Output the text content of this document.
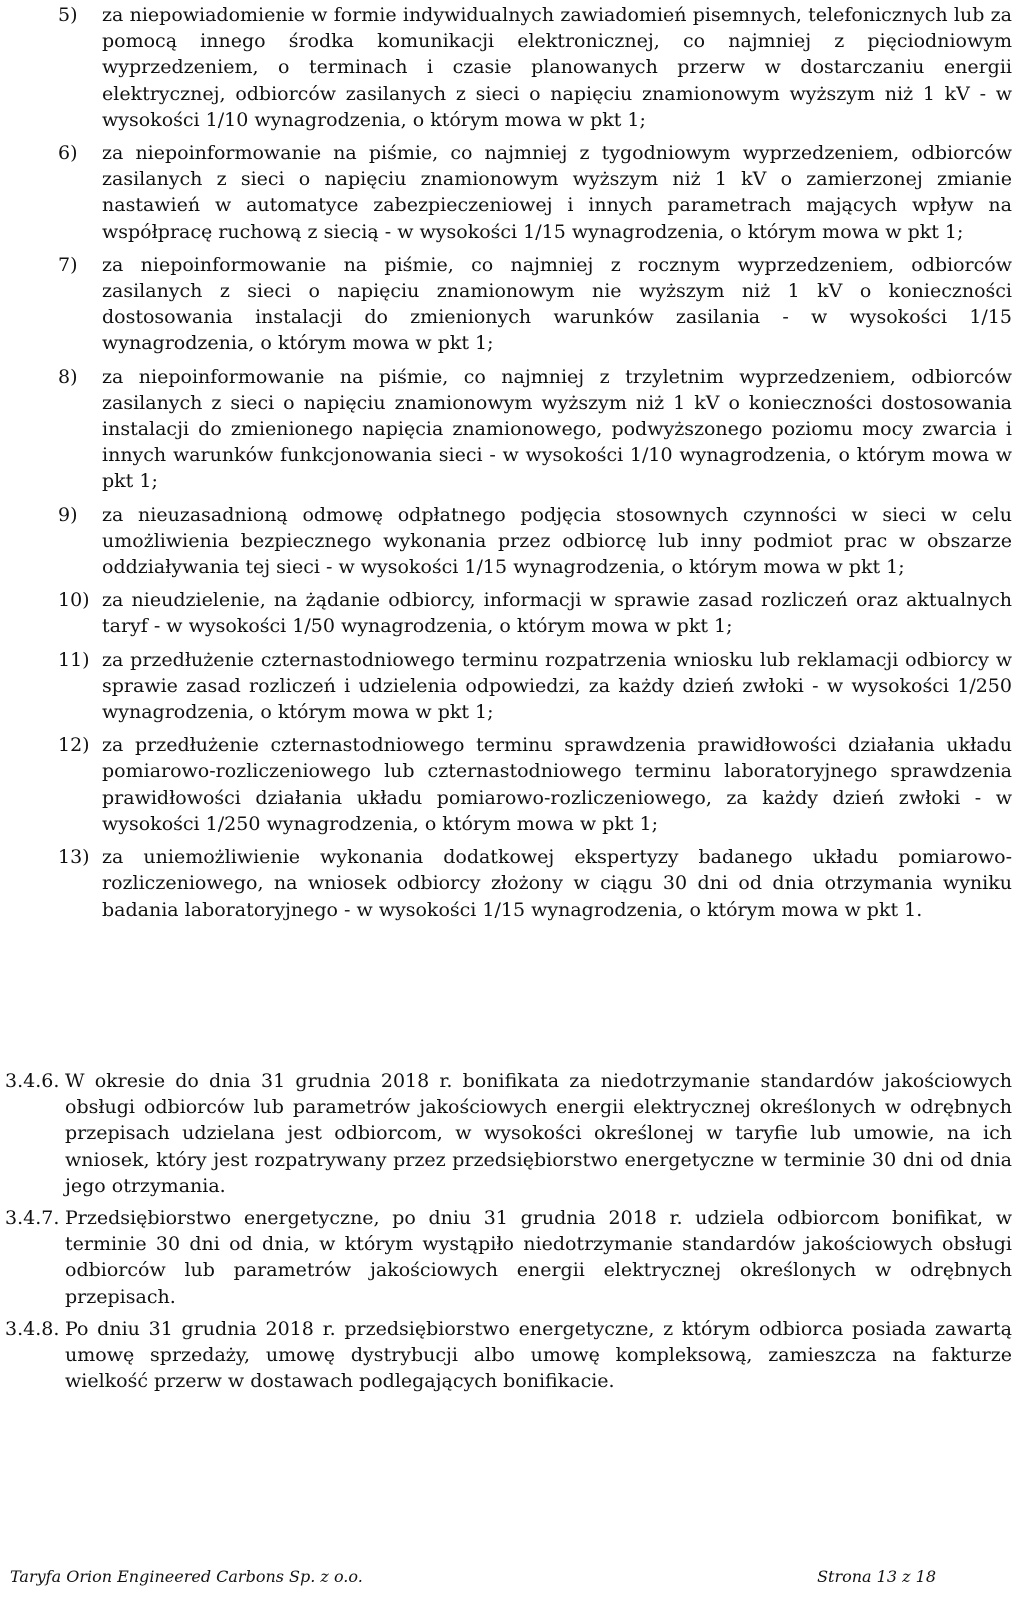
5) za niepowiadomienie w formie indywidualnych zawiadomień pisemnych, telefonicznych lub za pomocą innego środka komunikacji elektronicznej, co najmniej z pięciodniowym wyprzedzeniem, o terminach i czasie planowanych przerw w dostarczaniu energii elektrycznej, odbiorców zasilanych z sieci o napięciu znamionowym wyższym niż 1 kV - w wysokości 1/10 wynagrodzenia, o którym mowa w pkt 1;
6) za niepoinformowanie na piśmie, co najmniej z tygodniowym wyprzedzeniem, odbiorców zasilanych z sieci o napięciu znamionowym wyższym niż 1 kV o zamierzonej zmianie nastawień w automatyce zabezpieczeniowej i innych parametrach mających wpływ na współpracę ruchową z siecią - w wysokości 1/15 wynagrodzenia, o którym mowa w pkt 1;
7) za niepoinformowanie na piśmie, co najmniej z rocznym wyprzedzeniem, odbiorców zasilanych z sieci o napięciu znamionowym nie wyższym niż 1 kV o konieczności dostosowania instalacji do zmienionych warunków zasilania - w wysokości 1/15 wynagrodzenia, o którym mowa w pkt 1;
8) za niepoinformowanie na piśmie, co najmniej z trzyletnim wyprzedzeniem, odbiorców zasilanych z sieci o napięciu znamionowym wyższym niż 1 kV o konieczności dostosowania instalacji do zmienionego napięcia znamionowego, podwyższonego poziomu mocy zwarcia i innych warunków funkcjonowania sieci - w wysokości 1/10 wynagrodzenia, o którym mowa w pkt 1;
9) za nieuzasadnioną odmowę odpłatnego podjęcia stosownych czynności w sieci w celu umożliwienia bezpiecznego wykonania przez odbiorcę lub inny podmiot prac w obszarze oddziaływania tej sieci - w wysokości 1/15 wynagrodzenia, o którym mowa w pkt 1;
10) za nieudzielenie, na żądanie odbiorcy, informacji w sprawie zasad rozliczeń oraz aktualnych taryf - w wysokości 1/50 wynagrodzenia, o którym mowa w pkt 1;
11) za przedłużenie czternastodniowego terminu rozpatrzenia wniosku lub reklamacji odbiorcy w sprawie zasad rozliczeń i udzielenia odpowiedzi, za każdy dzień zwłoki - w wysokości 1/250 wynagrodzenia, o którym mowa w pkt 1;
12) za przedłużenie czternastodniowego terminu sprawdzenia prawidłowości działania układu pomiarowo-rozliczeniowego lub czternastodniowego terminu laboratoryjnego sprawdzenia prawidłowości działania układu pomiarowo-rozliczeniowego, za każdy dzień zwłoki - w wysokości 1/250 wynagrodzenia, o którym mowa w pkt 1;
13) za uniemożliwienie wykonania dodatkowej ekspertyzy badanego układu pomiarowo-rozliczeniowego, na wniosek odbiorcy złożony w ciągu 30 dni od dnia otrzymania wyniku badania laboratoryjnego - w wysokości 1/15 wynagrodzenia, o którym mowa w pkt 1.
3.4.6. W okresie do dnia 31 grudnia 2018 r. bonifikata za niedotrzymanie standardów jakościowych obsługi odbiorców lub parametrów jakościowych energii elektrycznej określonych w odrębnych przepisach udzielana jest odbiorcom, w wysokości określonej w taryfie lub umowie, na ich wniosek, który jest rozpatrywany przez przedsiębiorstwo energetyczne w terminie 30 dni od dnia jego otrzymania.
3.4.7. Przedsiębiorstwo energetyczne, po dniu 31 grudnia 2018 r. udziela odbiorcom bonifikat, w terminie 30 dni od dnia, w którym wystąpiło niedotrzymanie standardów jakościowych obsługi odbiorców lub parametrów jakościowych energii elektrycznej określonych w odrębnych przepisach.
3.4.8. Po dniu 31 grudnia 2018 r. przedsiębiorstwo energetyczne, z którym odbiorca posiada zawartą umowę sprzedaży, umowę dystrybucji albo umowę kompleksową, zamieszcza na fakturze wielkość przerw w dostawach podlegających bonifikacie.
Taryfa Orion Engineered Carbons Sp. z o.o.	Strona 13 z 18
